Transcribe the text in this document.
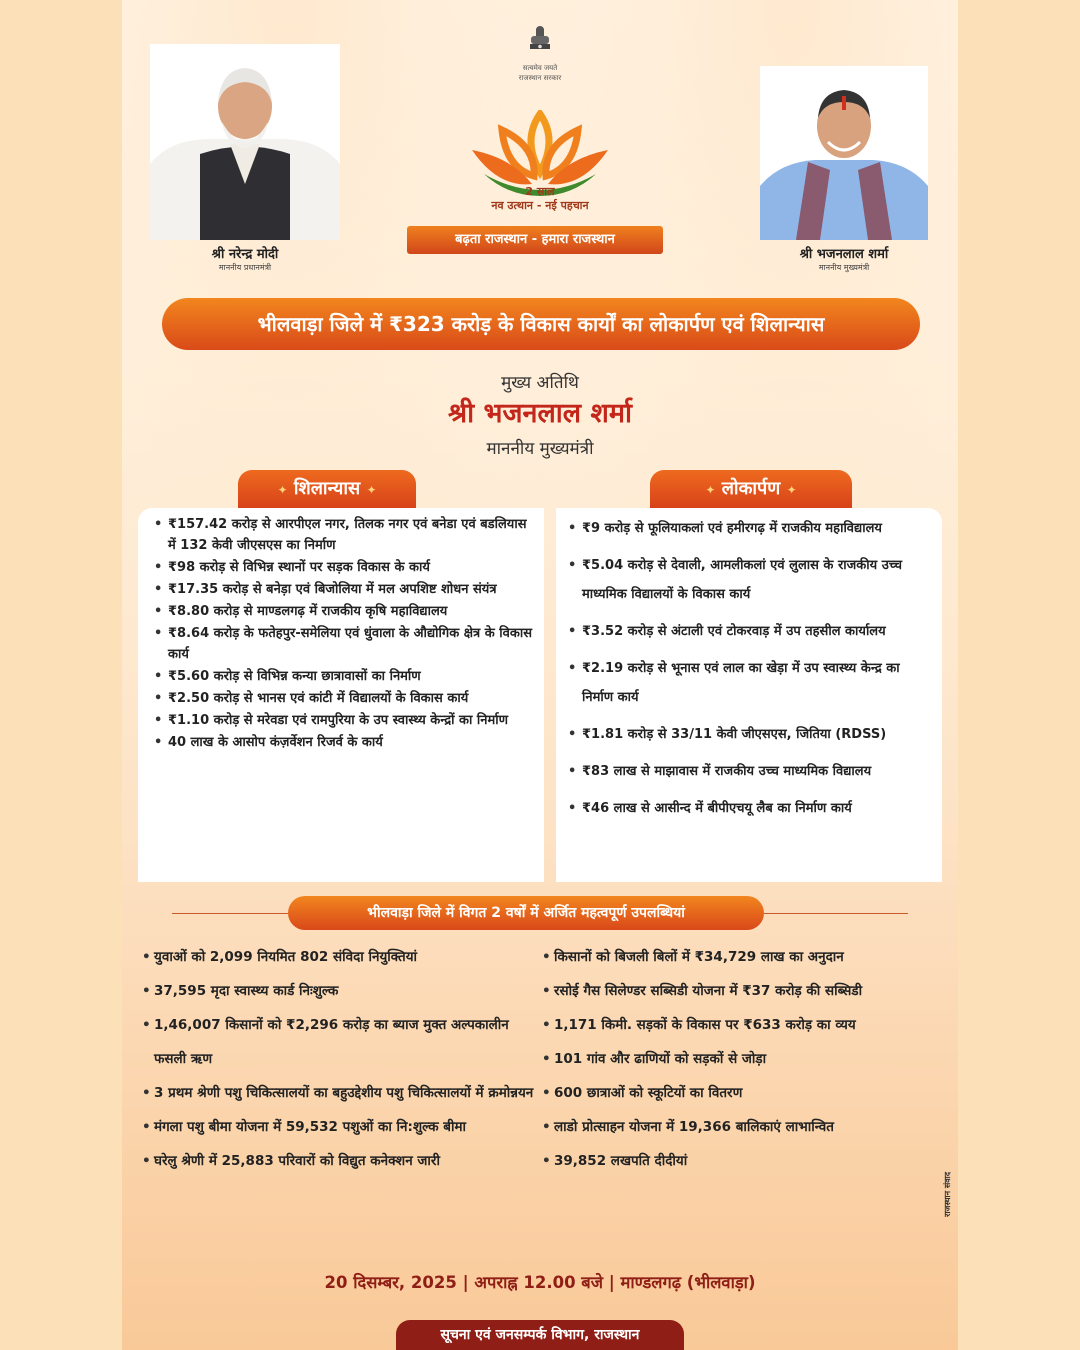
सत्यमेव जयते
राजस्थान सरकार
श्री नरेन्द्र मोदी
माननीय प्रधानमंत्री
श्री भजनलाल शर्मा
माननीय मुख्यमंत्री
2 साल
नव उत्थान - नई पहचान
बढ़ता राजस्थान - हमारा राजस्थान
भीलवाड़ा जिले में ₹323 करोड़ के विकास कार्यों का लोकार्पण एवं शिलान्यास
मुख्य अतिथि
श्री भजनलाल शर्मा
माननीय मुख्यमंत्री
✦ शिलान्यास ✦
• ₹157.42 करोड़ से आरपीएल नगर, तिलक नगर एवं बनेडा एवं बडलियास में 132 केवी जीएसएस का निर्माण
• ₹98 करोड़ से विभिन्न स्थानों पर सड़क विकास के कार्य
• ₹17.35 करोड़ से बनेड़ा एवं बिजोलिया में मल अपशिष्ट शोधन संयंत्र
• ₹8.80 करोड़ से माण्डलगढ़ में राजकीय कृषि महाविद्यालय
• ₹8.64 करोड़ के फतेहपुर-समेलिया एवं धुंवाला के औद्योगिक क्षेत्र के विकास कार्य
• ₹5.60 करोड़ से विभिन्न कन्या छात्रावासों का निर्माण
• ₹2.50 करोड़ से भानस एवं कांटी में विद्यालयों के विकास कार्य
• ₹1.10 करोड़ से मरेवडा एवं रामपुरिया के उप स्वास्थ्य केन्द्रों का निर्माण
• 40 लाख के आसोप कंज़र्वेशन रिजर्व के कार्य
✦ लोकार्पण ✦
• ₹9 करोड़ से फूलियाकलां एवं हमीरगढ़ में राजकीय महाविद्यालय
• ₹5.04 करोड़ से देवाली, आमलीकलां एवं लुलास के राजकीय उच्च माध्यमिक विद्यालयों के विकास कार्य
• ₹3.52 करोड़ से अंटाली एवं टोकरवाड़ में उप तहसील कार्यालय
• ₹2.19 करोड़ से भूनास एवं लाल का खेड़ा में उप स्वास्थ्य केन्द्र का निर्माण कार्य
• ₹1.81 करोड़ से 33/11 केवी जीएसएस, जितिया (RDSS)
• ₹83 लाख से माझावास में राजकीय उच्च माध्यमिक विद्यालय
• ₹46 लाख से आसीन्द में बीपीएचयू लैब का निर्माण कार्य
भीलवाड़ा जिले में विगत 2 वर्षों में अर्जित महत्वपूर्ण उपलब्धियां
• युवाओं को 2,099 नियमित 802 संविदा नियुक्तियां
• 37,595 मृदा स्वास्थ्य कार्ड निःशुल्क
• 1,46,007 किसानों को ₹2,296 करोड़ का ब्याज मुक्त अल्पकालीन फसली ऋण
• 3 प्रथम श्रेणी पशु चिकित्सालयों का बहुउद्देशीय पशु चिकित्सालयों में क्रमोन्नयन
• मंगला पशु बीमा योजना में 59,532 पशुओं का नि:शुल्क बीमा
• घरेलु श्रेणी में 25,883 परिवारों को विद्युत कनेक्शन जारी
• किसानों को बिजली बिलों में ₹34,729 लाख का अनुदान
• रसोई गैस सिलेण्डर सब्सिडी योजना में ₹37 करोड़ की सब्सिडी
• 1,171 किमी. सड़कों के विकास पर ₹633 करोड़ का व्यय
• 101 गांव और ढाणियों को सड़कों से जोड़ा
• 600 छात्राओं को स्कूटियों का वितरण
• लाडो प्रोत्साहन योजना में 19,366 बालिकाएं लाभान्वित
• 39,852 लखपति दीदीयां
राजस्थान संवाद
20 दिसम्बर, 2025 | अपराह्न 12.00 बजे | माण्डलगढ़ (भीलवाड़ा)
सूचना एवं जनसम्पर्क विभाग, राजस्थान
